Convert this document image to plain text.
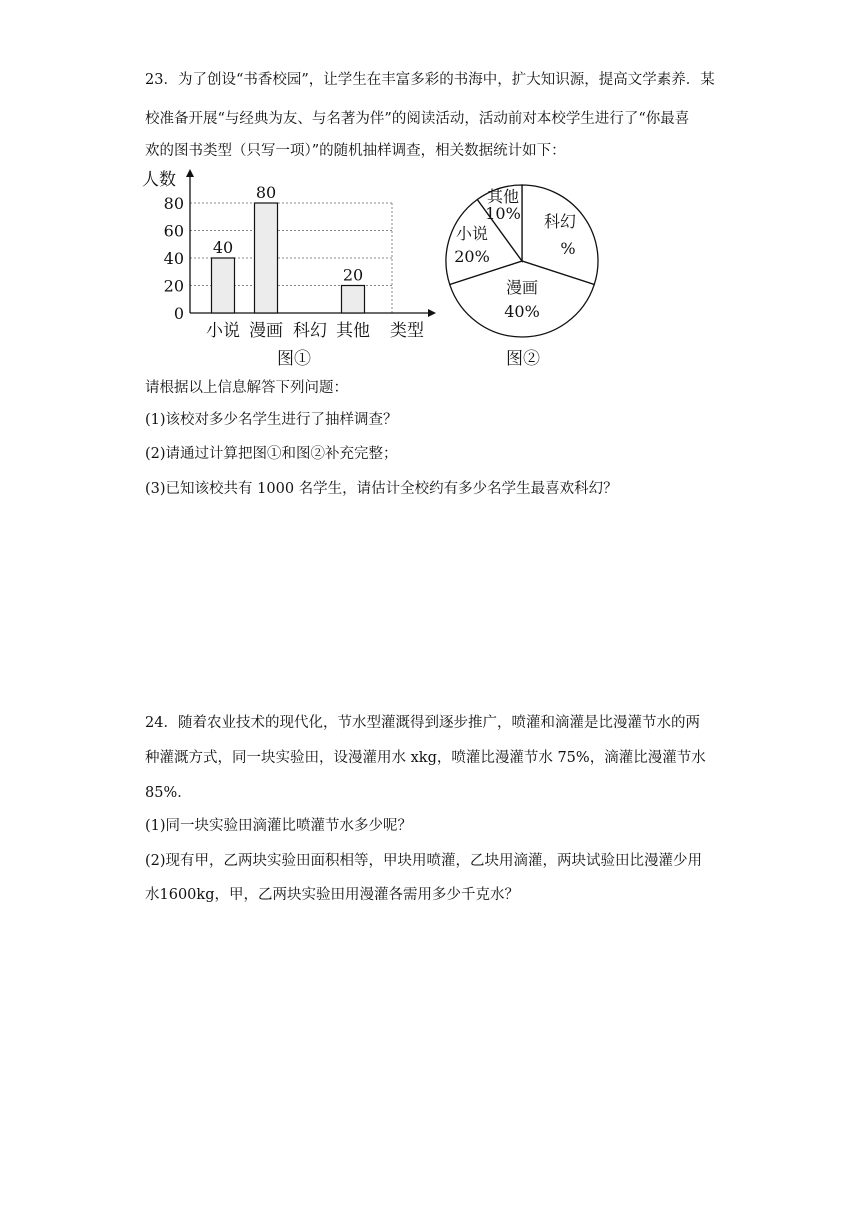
23．为了创设“书香校园”，让学生在丰富多彩的书海中，扩大知识源，提高文学素养．某
校准备开展“与经典为友、与名著为伴”的阅读活动，活动前对本校学生进行了“你最喜
欢的图书类型（只写一项）”的随机抽样调查，相关数据统计如下：
0
20
40
60
80
40
小说
80
漫画 科幻
20
其他
人数
类型
图①
科幻
%
漫画
40%
小说
20%
其他
10%
图②
请根据以上信息解答下列问题：
(1)该校对多少名学生进行了抽样调查？
(2)请通过计算把图①和图②补充完整；
(3)已知该校共有 1000 名学生，请估计全校约有多少名学生最喜欢科幻？
24．随着农业技术的现代化，节水型灌溉得到逐步推广，喷灌和滴灌是比漫灌节水的两
种灌溉方式，同一块实验田，设漫灌用水 xkg，喷灌比漫灌节水 75%，滴灌比漫灌节水
85%．
(1)同一块实验田滴灌比喷灌节水多少呢？
(2)现有甲，乙两块实验田面积相等，甲块用喷灌，乙块用滴灌，两块试验田比漫灌少用
水1600kg，甲，乙两块实验田用漫灌各需用多少千克水？
